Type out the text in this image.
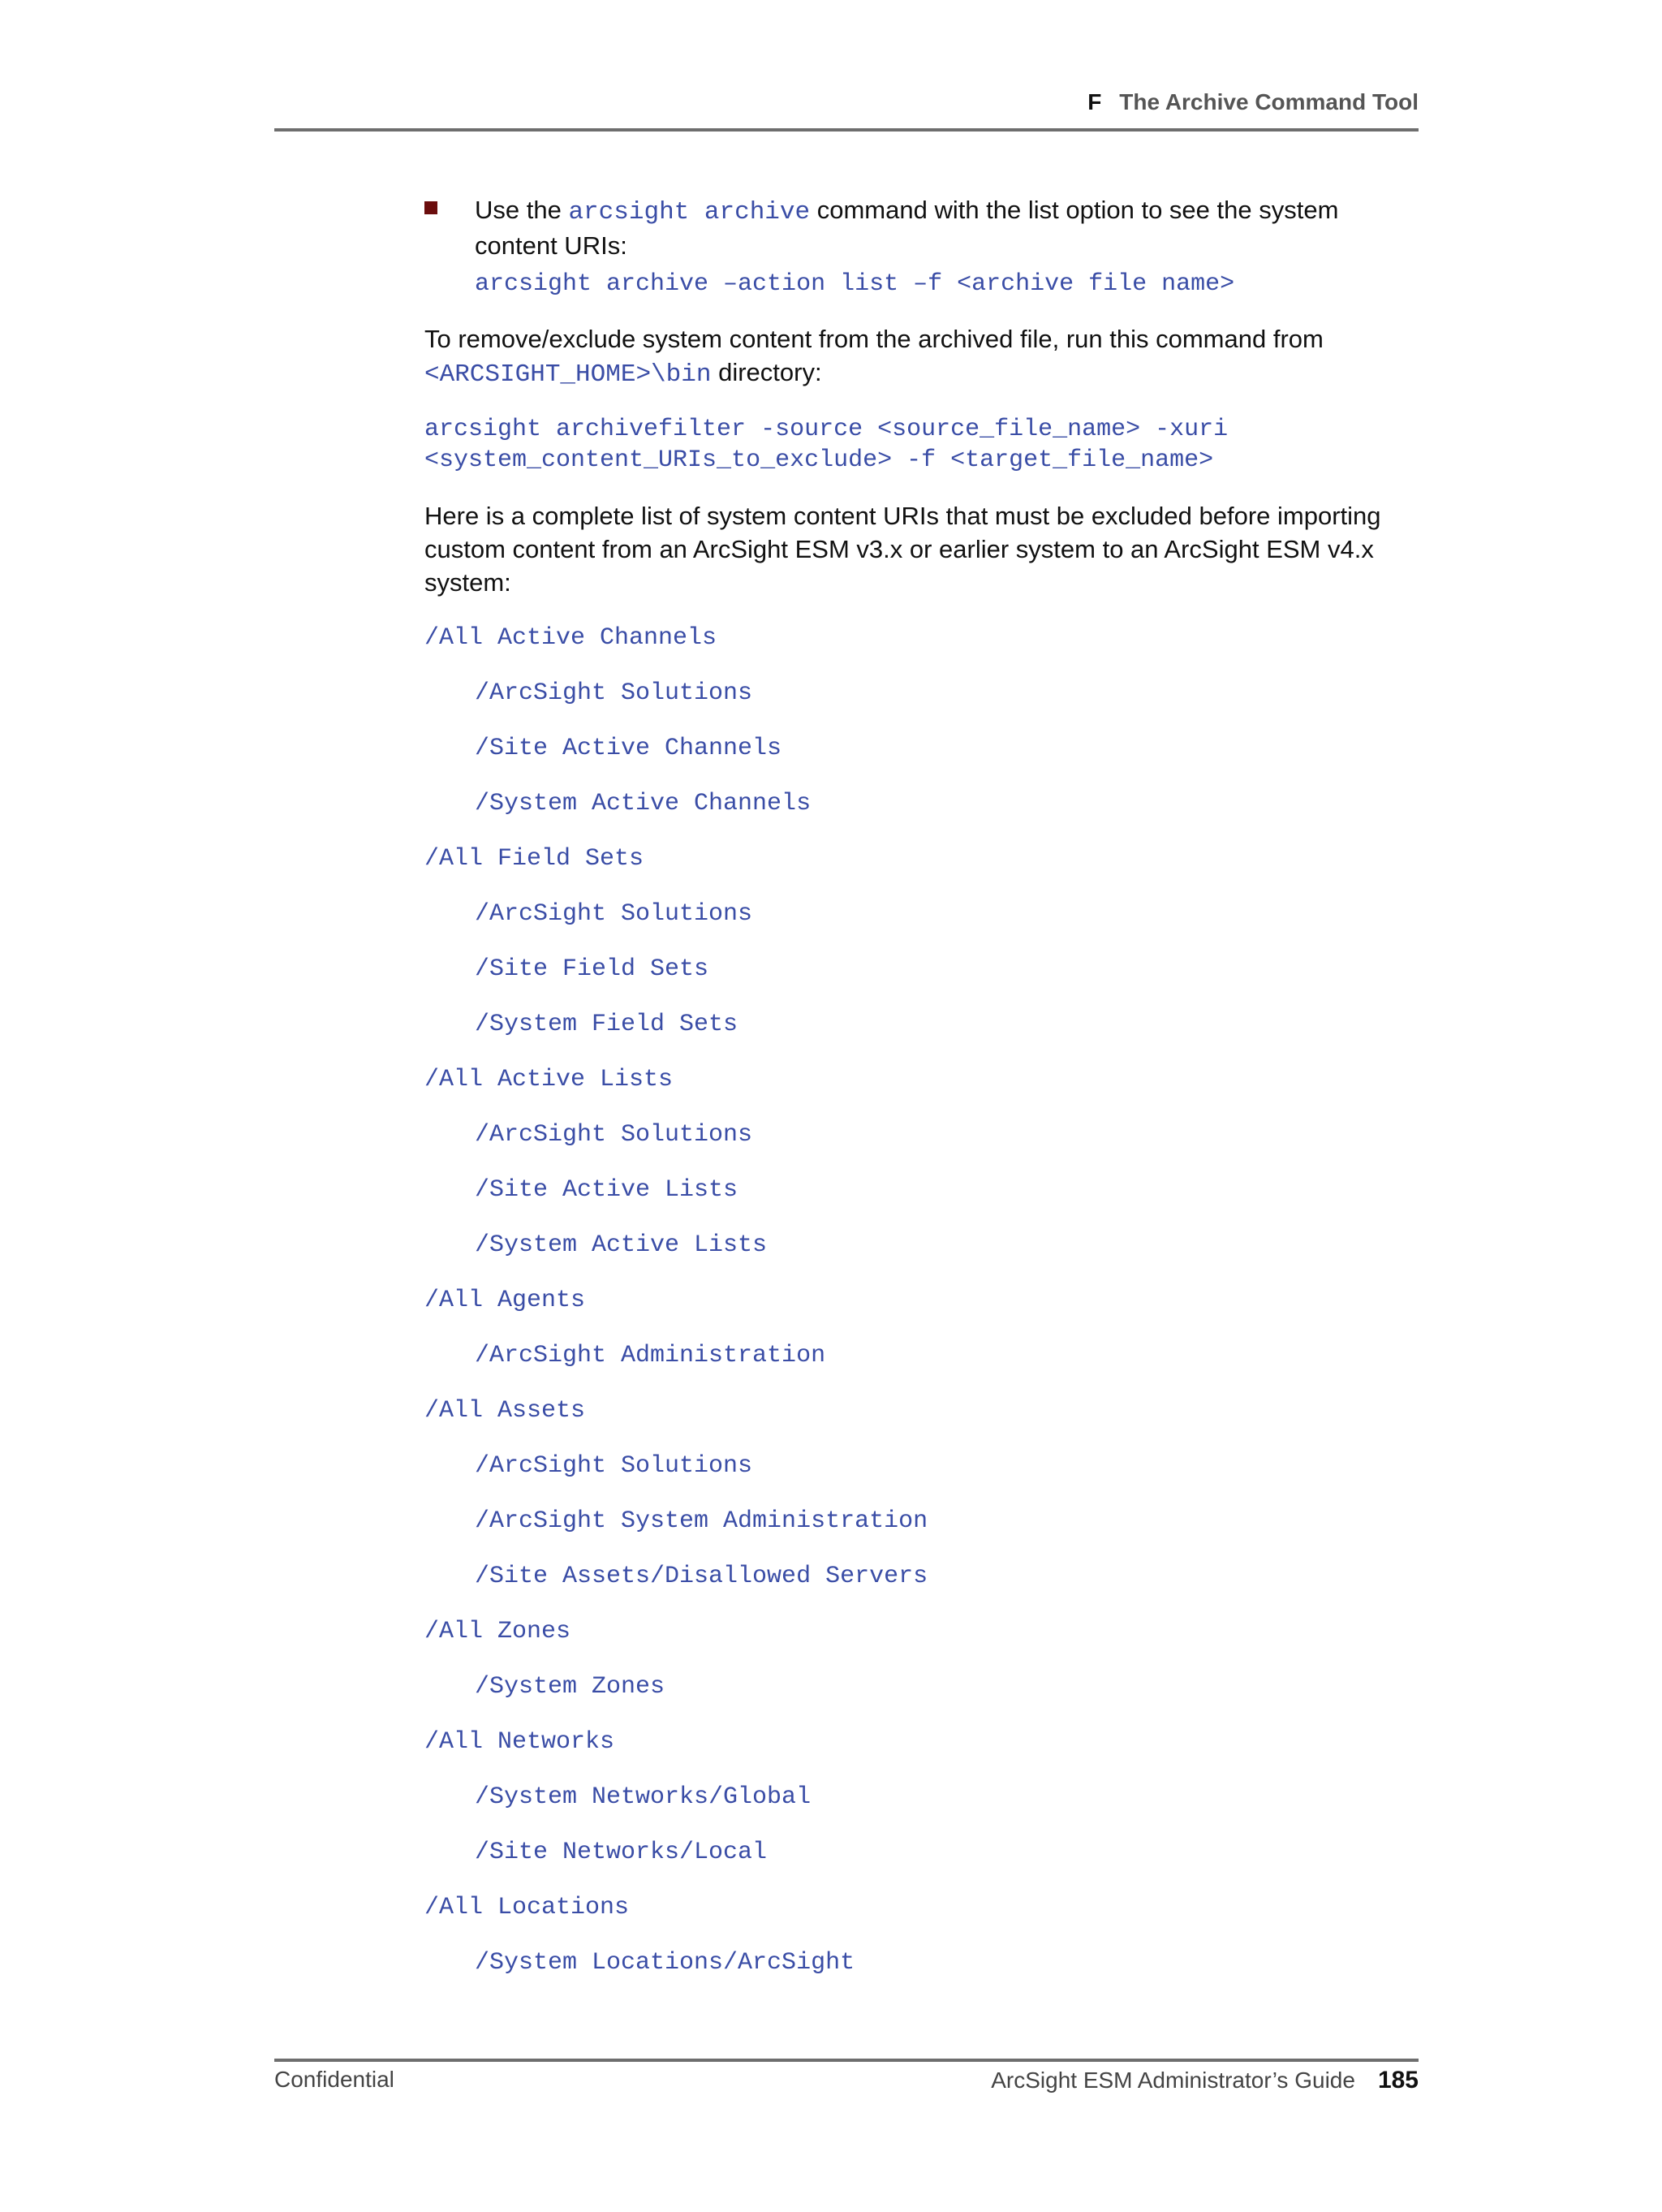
F The Archive Command Tool
Use the arcsight archive command with the list option to see the system content URIs:
arcsight archive –action list –f <archive file name>
To remove/exclude system content from the archived file, run this command from <ARCSIGHT_HOME>\bin directory:
arcsight archivefilter -source <source_file_name> -xuri
<system_content_URIs_to_exclude> -f <target_file_name>
Here is a complete list of system content URIs that must be excluded before importing custom content from an ArcSight ESM v3.x or earlier system to an ArcSight ESM v4.x system:
/All Active Channels
/ArcSight Solutions
/Site Active Channels
/System Active Channels
/All Field Sets
/ArcSight Solutions
/Site Field Sets
/System Field Sets
/All Active Lists
/ArcSight Solutions
/Site Active Lists
/System Active Lists
/All Agents
/ArcSight Administration
/All Assets
/ArcSight Solutions
/ArcSight System Administration
/Site Assets/Disallowed Servers
/All Zones
/System Zones
/All Networks
/System Networks/Global
/Site Networks/Local
/All Locations
/System Locations/ArcSight
Confidential	ArcSight ESM Administrator’s Guide 185
